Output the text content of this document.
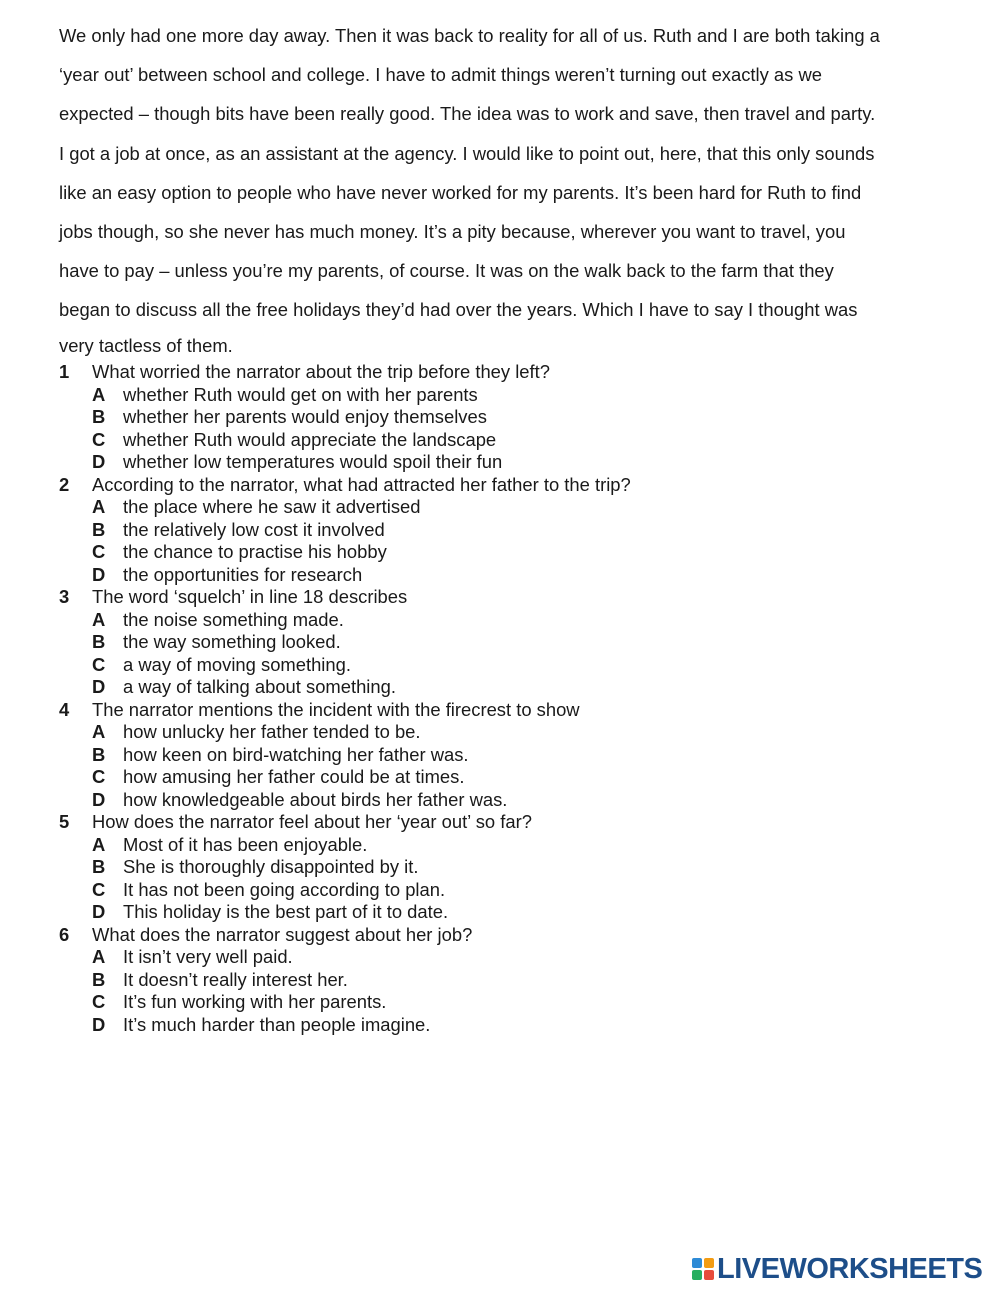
We only had one more day away. Then it was back to reality for all of us. Ruth and I are both taking a
‘year out’ between school and college. I have to admit things weren’t turning out exactly as we
expected – though bits have been really good. The idea was to work and save, then travel and party.
I got a job at once, as an assistant at the agency. I would like to point out, here, that this only sounds
like an easy option to people who have never worked for my parents. It’s been hard for Ruth to find
jobs though, so she never has much money. It’s a pity because, wherever you want to travel, you
have to pay – unless you’re my parents, of course. It was on the walk back to the farm that they
began to discuss all the free holidays they’d had over the years. Which I have to say I thought was
very tactless of them.
1 What worried the narrator about the trip before they left?
A whether Ruth would get on with her parents
B whether her parents would enjoy themselves
C whether Ruth would appreciate the landscape
D whether low temperatures would spoil their fun
2 According to the narrator, what had attracted her father to the trip?
A the place where he saw it advertised
B the relatively low cost it involved
C the chance to practise his hobby
D the opportunities for research
3 The word ‘squelch’ in line 18 describes
A the noise something made.
B the way something looked.
C a way of moving something.
D a way of talking about something.
4 The narrator mentions the incident with the firecrest to show
A how unlucky her father tended to be.
B how keen on bird-watching her father was.
C how amusing her father could be at times.
D how knowledgeable about birds her father was.
5 How does the narrator feel about her ‘year out’ so far?
A Most of it has been enjoyable.
B She is thoroughly disappointed by it.
C It has not been going according to plan.
D This holiday is the best part of it to date.
6 What does the narrator suggest about her job?
A It isn’t very well paid.
B It doesn’t really interest her.
C It’s fun working with her parents.
D It’s much harder than people imagine.
LIVEWORKSHEETS
